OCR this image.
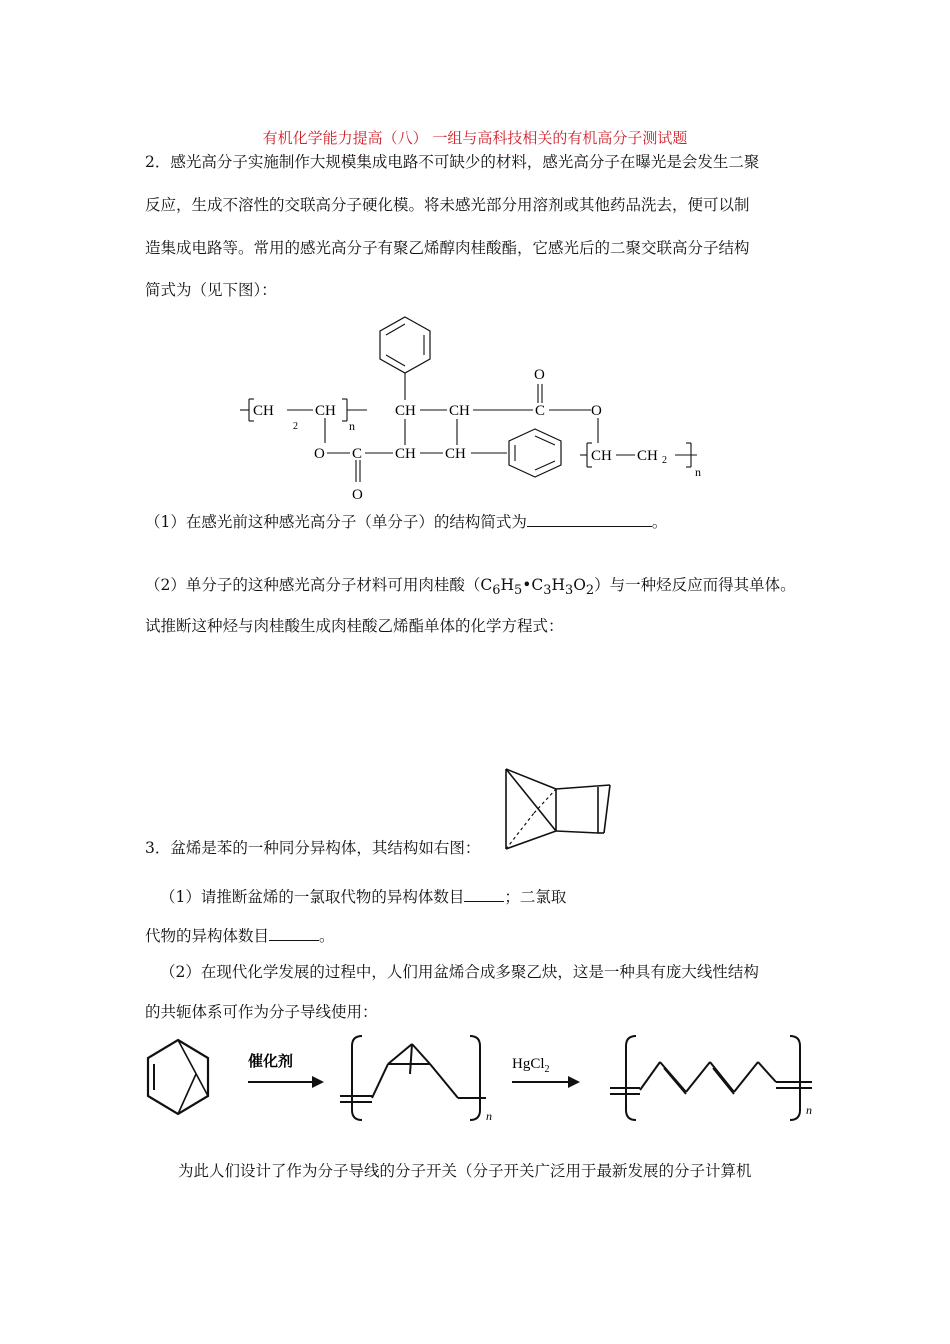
有机化学能力提高（八） 一组与高科技相关的有机高分子测试题
2．感光高分子实施制作大规模集成电路不可缺少的材料，感光高分子在曝光是会发生二聚
反应，生成不溶性的交联高分子硬化模。将未感光部分用溶剂或其他药品洗去，便可以制
造集成电路等。常用的感光高分子有聚乙烯醇肉桂酸酯，它感光后的二聚交联高分子结构
简式为（见下图）：
CH
2
CH
n
O C
O
CH CH
CH CH
C
O
O
CH CH 2
n
（1）在感光前这种感光高分子（单分子）的结构简式为	。
（2）单分子的这种感光高分子材料可用肉桂酸$(C_6H_5•C_3H_3O_2)$与一种烃反应而得其单体。
试推断这种烃与肉桂酸生成肉桂酸乙烯酯单体的化学方程式：
3．盆烯是苯的一种同分异构体，其结构如右图：
（1）请推断盆烯的一氯取代物的异构体数目	；二氯取
代物的异构体数目	。
（2）在现代化学发展的过程中，人们用盆烯合成多聚乙炔，这是一种具有庞大线性结构
的共轭体系可作为分子导线使用：
催化剂
n
HgCl$_2$
n
为此人们设计了作为分子导线的分子开关（分子开关广泛用于最新发展的分子计算机
